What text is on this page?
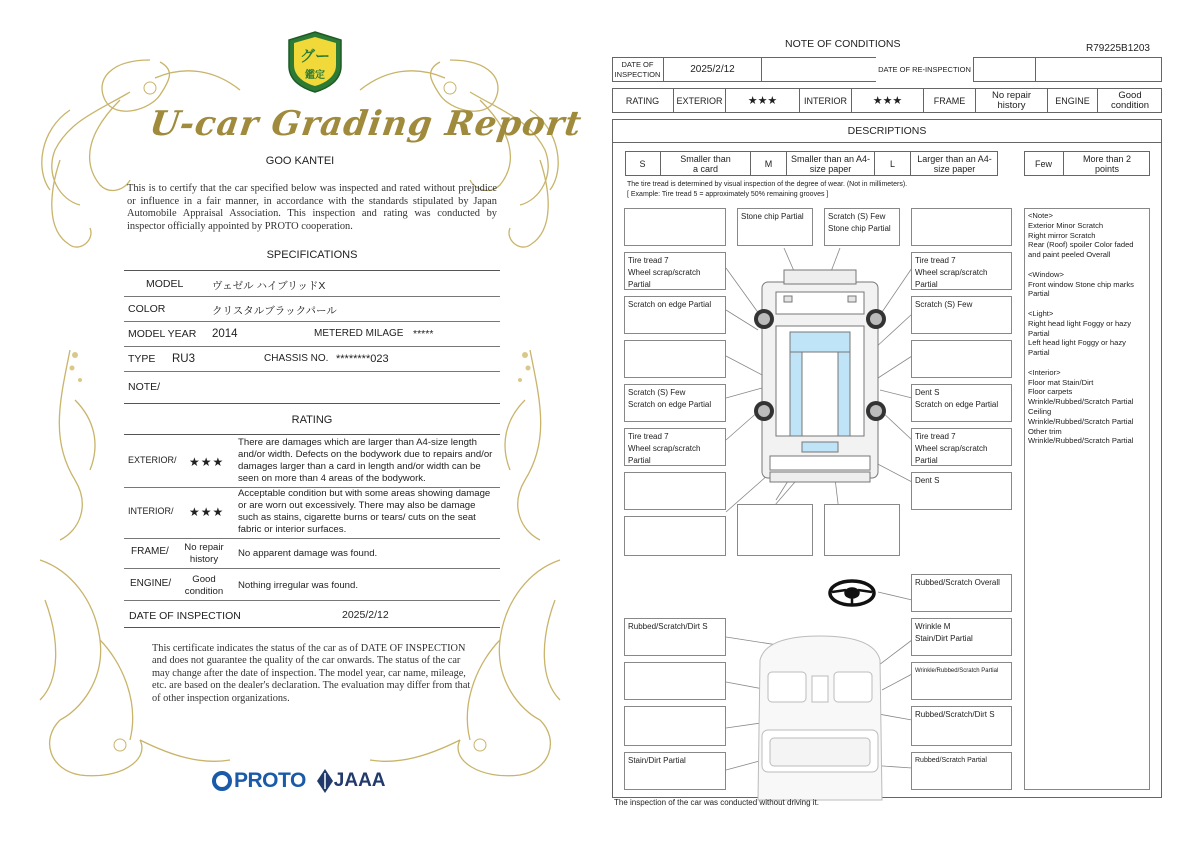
グー
鑑定
U-car Grading Report
GOO KANTEI
This is to certify that the car specified below was inspected and rated without prejudice or influence in a fair manner, in accordance with the standards stipulated by Japan Automobile Appraisal Association. This inspection and rating was conducted by inspector officially appointed by PROTO cooperation.
SPECIFICATIONS
MODEL	ヴェゼル ハイブリッドX
COLOR	クリスタルブラックパール
MODEL YEAR 2014	METERED MILAGE *****
TYPE RU3	CHASSIS NO. ********023
NOTE/
RATING
EXTERIOR/ ★★★
There are damages which are larger than A4-size length and/or width. Defects on the bodywork due to repairs and/or damages larger than a card in length and/or width can be seen on more than 4 areas of the bodywork.
INTERIOR/ ★★★
Acceptable condition but with some areas showing damage or are worn out excessively. There may also be damage such as stains, cigarette burns or tears/ cuts on the seat fabric or interior surfaces.
FRAME/	No repair history
No apparent damage was found.
ENGINE/	Good condition
Nothing irregular was found.
DATE OF INSPECTION	2025/2/12
This certificate indicates the status of the car as of DATE OF INSPECTION and does not guarantee the quality of the car onwards. The status of the car may change after the date of inspection. The model year, car name, mileage, etc. are based on the dealer's declaration. The evaluation may differ from that of other inspection organizations.
PROTO JAAA
NOTE OF CONDITIONS	R79225B1203
DATE OF INSPECTION	2025/2/12	DATE OF RE-INSPECTION
RATING	EXTERIOR	★★★	INTERIOR	★★★	FRAME	No repair history	ENGINE	Good condition
DESCRIPTIONS
S	Smaller than a card	M	Smaller than an A4-size paper	L	Larger than an A4-size paper	Few	More than 2 points
The tire tread is determined by visual inspection of the degree of wear. (Not in millimeters).
[ Example: Tire tread 5 = approximately 50% remaining grooves ]
Stone chip Partial	Scratch (S) Few
Stone chip Partial
Tire tread 7
Wheel scrap/scratch Partial
Scratch on edge Partial
Scratch (S) Few
Scratch on edge Partial
Tire tread 7
Wheel scrap/scratch Partial
Tire tread 7
Wheel scrap/scratch Partial
Scratch (S) Few
Dent S
Scratch on edge Partial
Tire tread 7
Wheel scrap/scratch Partial
Dent S
Rubbed/Scratch Overall
Rubbed/Scratch/Dirt S
Stain/Dirt Partial
Wrinkle M
Stain/Dirt Partial
Wrinkle/Rubbed/Scratch Partial
Rubbed/Scratch/Dirt S
Rubbed/Scratch Partial
<Note>
Exterior Minor Scratch
Right mirror Scratch
Rear (Roof) spoiler Color faded and paint peeled Overall

<Window>
Front window Stone chip marks Partial

<Light>
Right head light Foggy or hazy Partial
Left head light Foggy or hazy Partial

<Interior>
Floor mat Stain/Dirt
Floor carpets
Wrinkle/Rubbed/Scratch Partial
Ceiling
Wrinkle/Rubbed/Scratch Partial
Other trim
Wrinkle/Rubbed/Scratch Partial
The inspection of the car was conducted without driving it.
